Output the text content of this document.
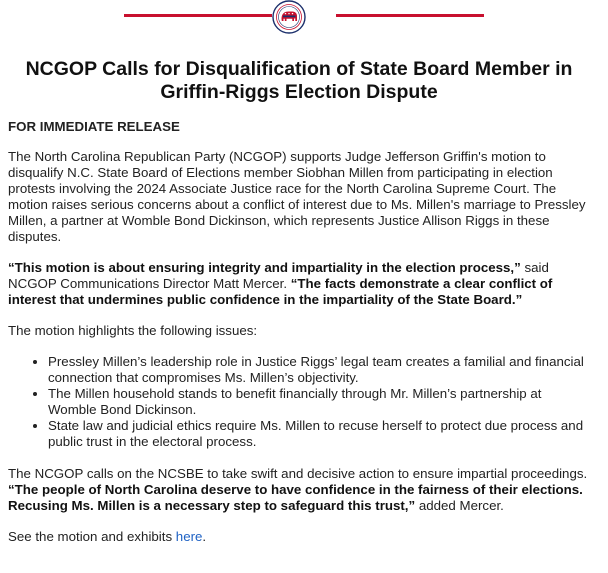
NCGOP Calls for Disqualification of State Board Member in Griffin-Riggs Election Dispute

FOR IMMEDIATE RELEASE

The North Carolina Republican Party (NCGOP) supports Judge Jefferson Griffin's motion to disqualify N.C. State Board of Elections member Siobhan Millen from participating in election protests involving the 2024 Associate Justice race for the North Carolina Supreme Court. The motion raises serious concerns about a conflict of interest due to Ms. Millen's marriage to Pressley Millen, a partner at Womble Bond Dickinson, which represents Justice Allison Riggs in these disputes.

“This motion is about ensuring integrity and impartiality in the election process,” said NCGOP Communications Director Matt Mercer. “The facts demonstrate a clear conflict of interest that undermines public confidence in the impartiality of the State Board.”

The motion highlights the following issues:

• Pressley Millen’s leadership role in Justice Riggs’ legal team creates a familial and financial connection that compromises Ms. Millen’s objectivity.
• The Millen household stands to benefit financially through Mr. Millen’s partnership at Womble Bond Dickinson.
• State law and judicial ethics require Ms. Millen to recuse herself to protect due process and public trust in the electoral process.

The NCGOP calls on the NCSBE to take swift and decisive action to ensure impartial proceedings. “The people of North Carolina deserve to have confidence in the fairness of their elections. Recusing Ms. Millen is a necessary step to safeguard this trust,” added Mercer.

See the motion and exhibits here.
